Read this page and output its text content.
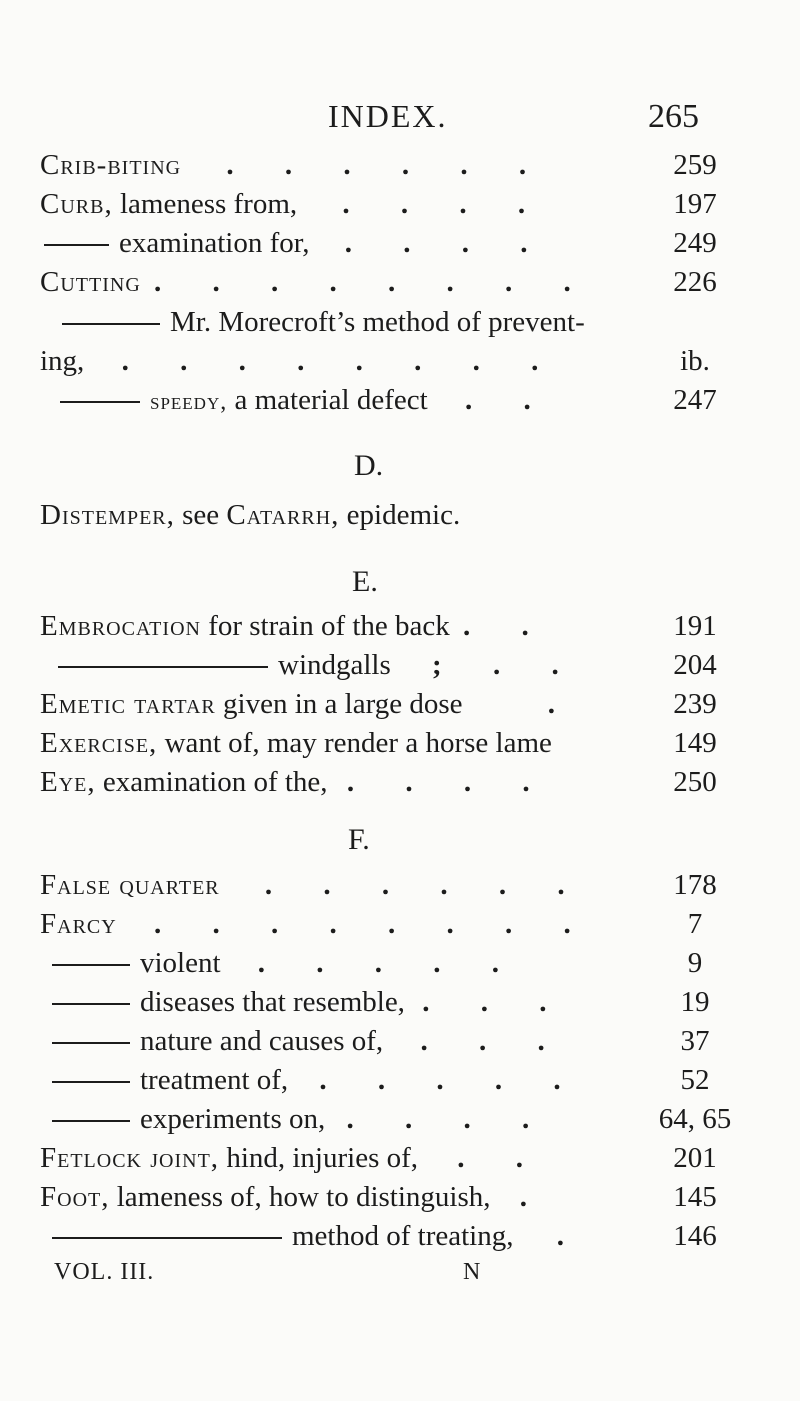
INDEX.	265
Crib-biting . . . . . .	259
Curb, lameness from, . . . .	197
examination for, . . . .	249
Cutting . . . . . . . .	226
Mr. Morecroft’s method of prevent-
ing, . . . . . . . .	ib.
speedy, a material defect . .	247
D.
Distemper, see Catarrh, epidemic.
E.
Embrocation for strain of the back . .	191
windgalls ; . .	204
Emetic tartar given in a large dose	.	239
Exercise, want of, may render a horse lame	149
Eye, examination of the, . . . .	250
F.
False quarter . . . . . .	178
Farcy . . . . . . . .	7
violent . . . . .	9
diseases that resemble, . . .	19
nature and causes of, . . .	37
treatment of, . . . . .	52
experiments on, . . . .	64, 65
Fetlock joint, hind, injuries of, . .	201
Foot, lameness of, how to distinguish, .	145
method of treating, .	146
VOL. III.	N
